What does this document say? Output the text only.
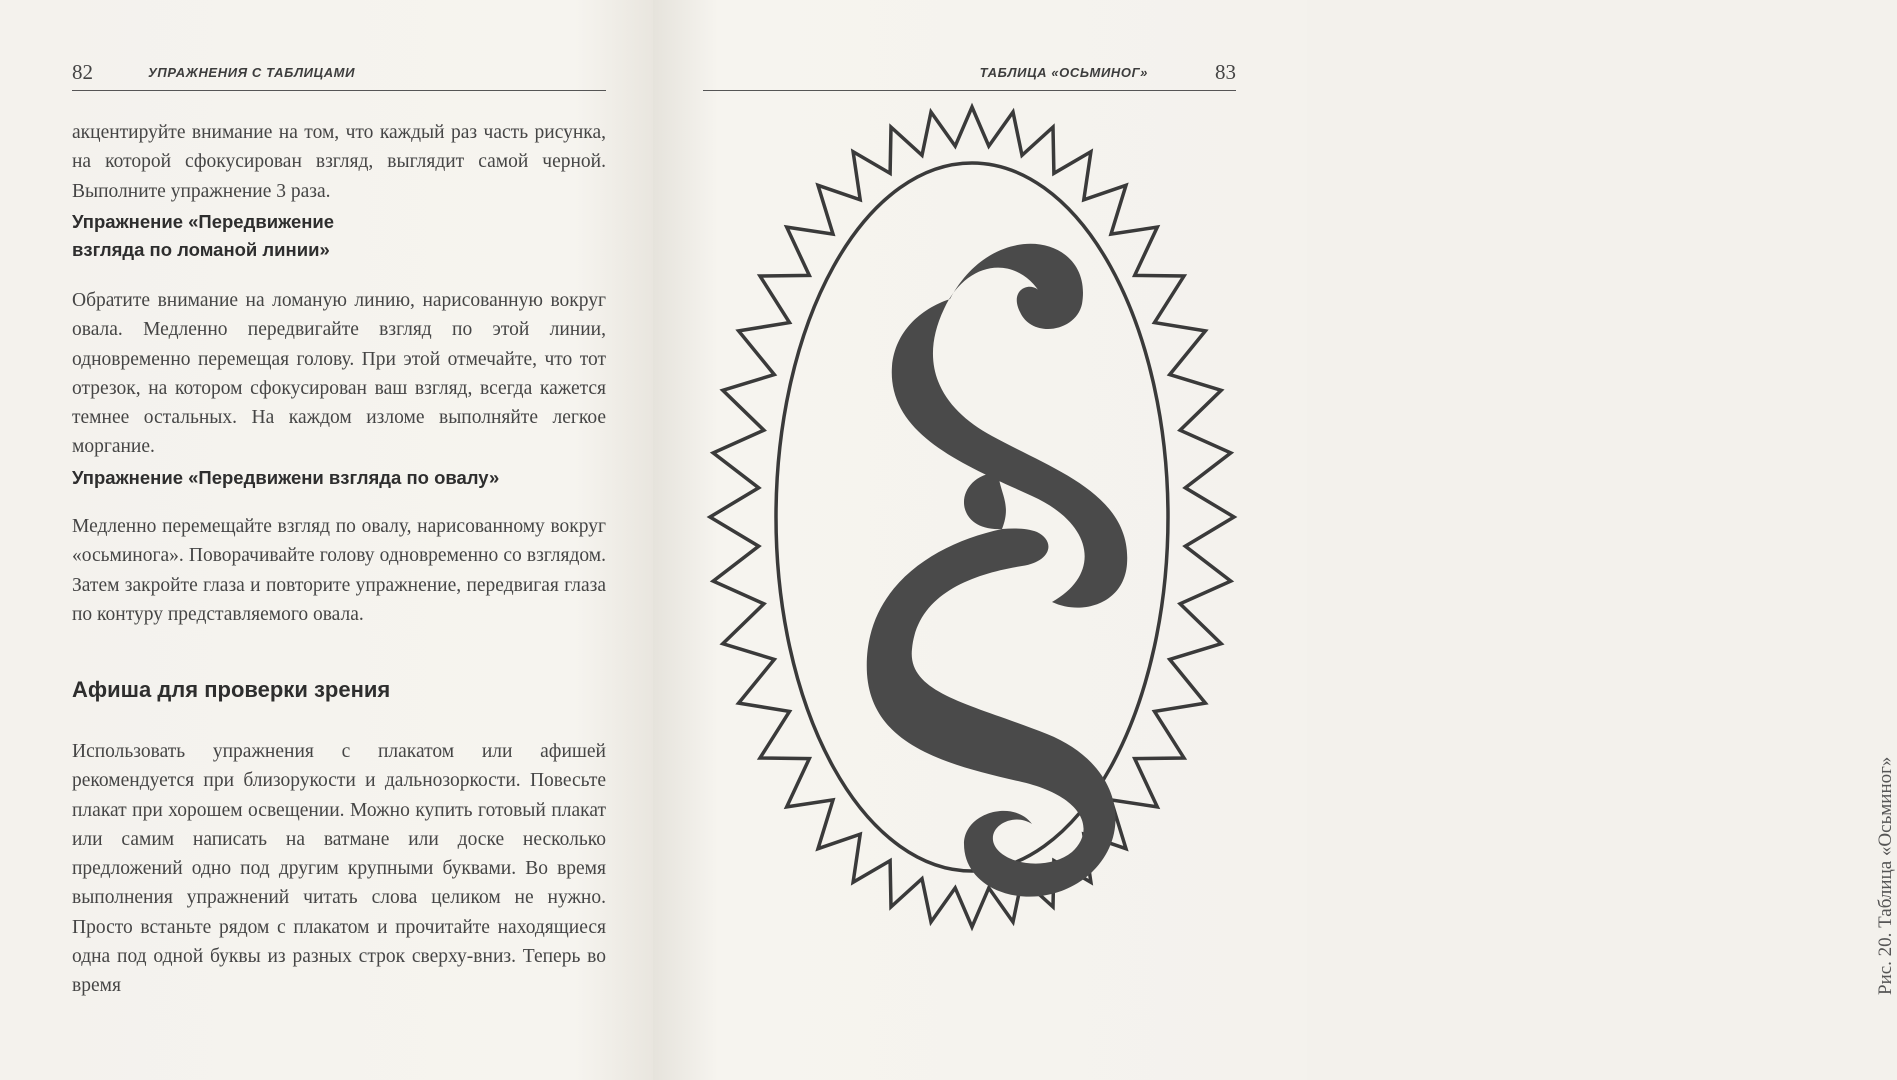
82	УПРАЖНЕНИЯ С ТАБЛИЦАМИ

акцентируйте внимание на том, что каждый раз часть рисунка, на которой сфокусирован взгляд, выглядит самой черной. Выполните упражнение 3 раза.

Упражнение «Передвижение взгляда по ломаной линии»

Обратите внимание на ломаную линию, нарисованную вокруг овала. Медленно передвигайте взгляд по этой линии, одновременно перемещая голову. При этой отмечайте, что тот отрезок, на котором сфокусирован ваш взгляд, всегда кажется темнее остальных. На каждом изломе выполняйте легкое моргание.

Упражнение «Передвижени взгляда по овалу»

Медленно перемещайте взгляд по овалу, нарисованному вокруг «осьминога». Поворачивайте голову одновременно со взглядом. Затем закройте глаза и повторите упражнение, передвигая глаза по контуру представляемого овала.

Афиша для проверки зрения

Использовать упражнения с плакатом или афишей рекомендуется при близорукости и дальнозоркости. Повесьте плакат при хорошем освещении. Можно купить готовый плакат или самим написать на ватмане или доске несколько предложений одно под другим крупными буквами. Во время выполнения упражнений читать слова целиком не нужно. Просто встаньте рядом с плакатом и прочитайте находящиеся одна под одной буквы из разных строк сверху-вниз. Теперь во время

ТАБЛИЦА «ОСЬМИНОГ»	83
Рис. 20. Таблица «Осьминог»
